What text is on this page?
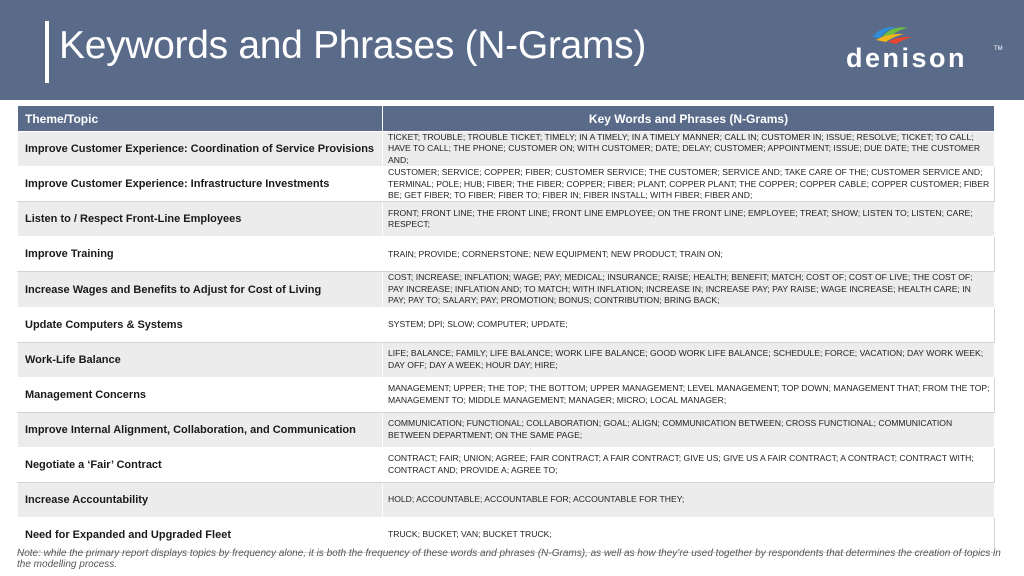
Keywords and Phrases (N-Grams)	denison	TM
Theme/Topic	Key Words and Phrases (N-Grams)
Improve Customer Experience: Coordination of Service Provisions	TICKET; TROUBLE; TROUBLE TICKET; TIMELY; IN A TIMELY; IN A TIMELY MANNER; CALL IN; CUSTOMER IN; ISSUE; RESOLVE; TICKET; TO CALL; HAVE TO CALL; THE PHONE; CUSTOMER ON; WITH CUSTOMER; DATE; DELAY; CUSTOMER; APPOINTMENT; ISSUE; DUE DATE; THE CUSTOMER AND;
Improve Customer Experience: Infrastructure Investments	CUSTOMER; SERVICE; COPPER; FIBER; CUSTOMER SERVICE; THE CUSTOMER; SERVICE AND; TAKE CARE OF THE; CUSTOMER SERVICE AND; TERMINAL; POLE; HUB; FIBER; THE FIBER; COPPER; FIBER; PLANT; COPPER PLANT; THE COPPER; COPPER CABLE; COPPER CUSTOMER; FIBER BE; GET FIBER; TO FIBER; FIBER TO; FIBER IN; FIBER INSTALL; WITH FIBER; FIBER AND;
Listen to / Respect Front-Line Employees	FRONT; FRONT LINE; THE FRONT LINE; FRONT LINE EMPLOYEE; ON THE FRONT LINE; EMPLOYEE; TREAT; SHOW; LISTEN TO; LISTEN; CARE; RESPECT;
Improve Training	TRAIN; PROVIDE; CORNERSTONE; NEW EQUIPMENT; NEW PRODUCT; TRAIN ON;
Increase Wages and Benefits to Adjust for Cost of Living	COST; INCREASE; INFLATION; WAGE; PAY; MEDICAL; INSURANCE; RAISE; HEALTH; BENEFIT; MATCH; COST OF; COST OF LIVE; THE COST OF; PAY INCREASE; INFLATION AND; TO MATCH; WITH INFLATION; INCREASE IN; INCREASE PAY; PAY RAISE; WAGE INCREASE; HEALTH CARE; IN PAY; PAY TO; SALARY; PAY; PROMOTION; BONUS; CONTRIBUTION; BRING BACK;
Update Computers & Systems	SYSTEM; DPI; SLOW; COMPUTER; UPDATE;
Work-Life Balance	LIFE; BALANCE; FAMILY; LIFE BALANCE; WORK LIFE BALANCE; GOOD WORK LIFE BALANCE; SCHEDULE; FORCE; VACATION; DAY WORK WEEK; DAY OFF; DAY A WEEK; HOUR DAY; HIRE;
Management Concerns	MANAGEMENT; UPPER; THE TOP; THE BOTTOM; UPPER MANAGEMENT; LEVEL MANAGEMENT; TOP DOWN; MANAGEMENT THAT; FROM THE TOP; MANAGEMENT TO; MIDDLE MANAGEMENT; MANAGER; MICRO; LOCAL MANAGER;
Improve Internal Alignment, Collaboration, and Communication	COMMUNICATION; FUNCTIONAL; COLLABORATION; GOAL; ALIGN; COMMUNICATION BETWEEN; CROSS FUNCTIONAL; COMMUNICATION BETWEEN DEPARTMENT; ON THE SAME PAGE;
Negotiate a ‘Fair’ Contract	CONTRACT; FAIR; UNION; AGREE; FAIR CONTRACT; A FAIR CONTRACT; GIVE US; GIVE US A FAIR CONTRACT; A CONTRACT; CONTRACT WITH; CONTRACT AND; PROVIDE A; AGREE TO;
Increase Accountability	HOLD; ACCOUNTABLE; ACCOUNTABLE FOR; ACCOUNTABLE FOR THEY;
Need for Expanded and Upgraded Fleet	TRUCK; BUCKET; VAN; BUCKET TRUCK;
Note: while the primary report displays topics by frequency alone, it is both the frequency of these words and phrases (N-Grams), as well as how they’re used together by respondents that determines the creation of topics in the modelling process.
